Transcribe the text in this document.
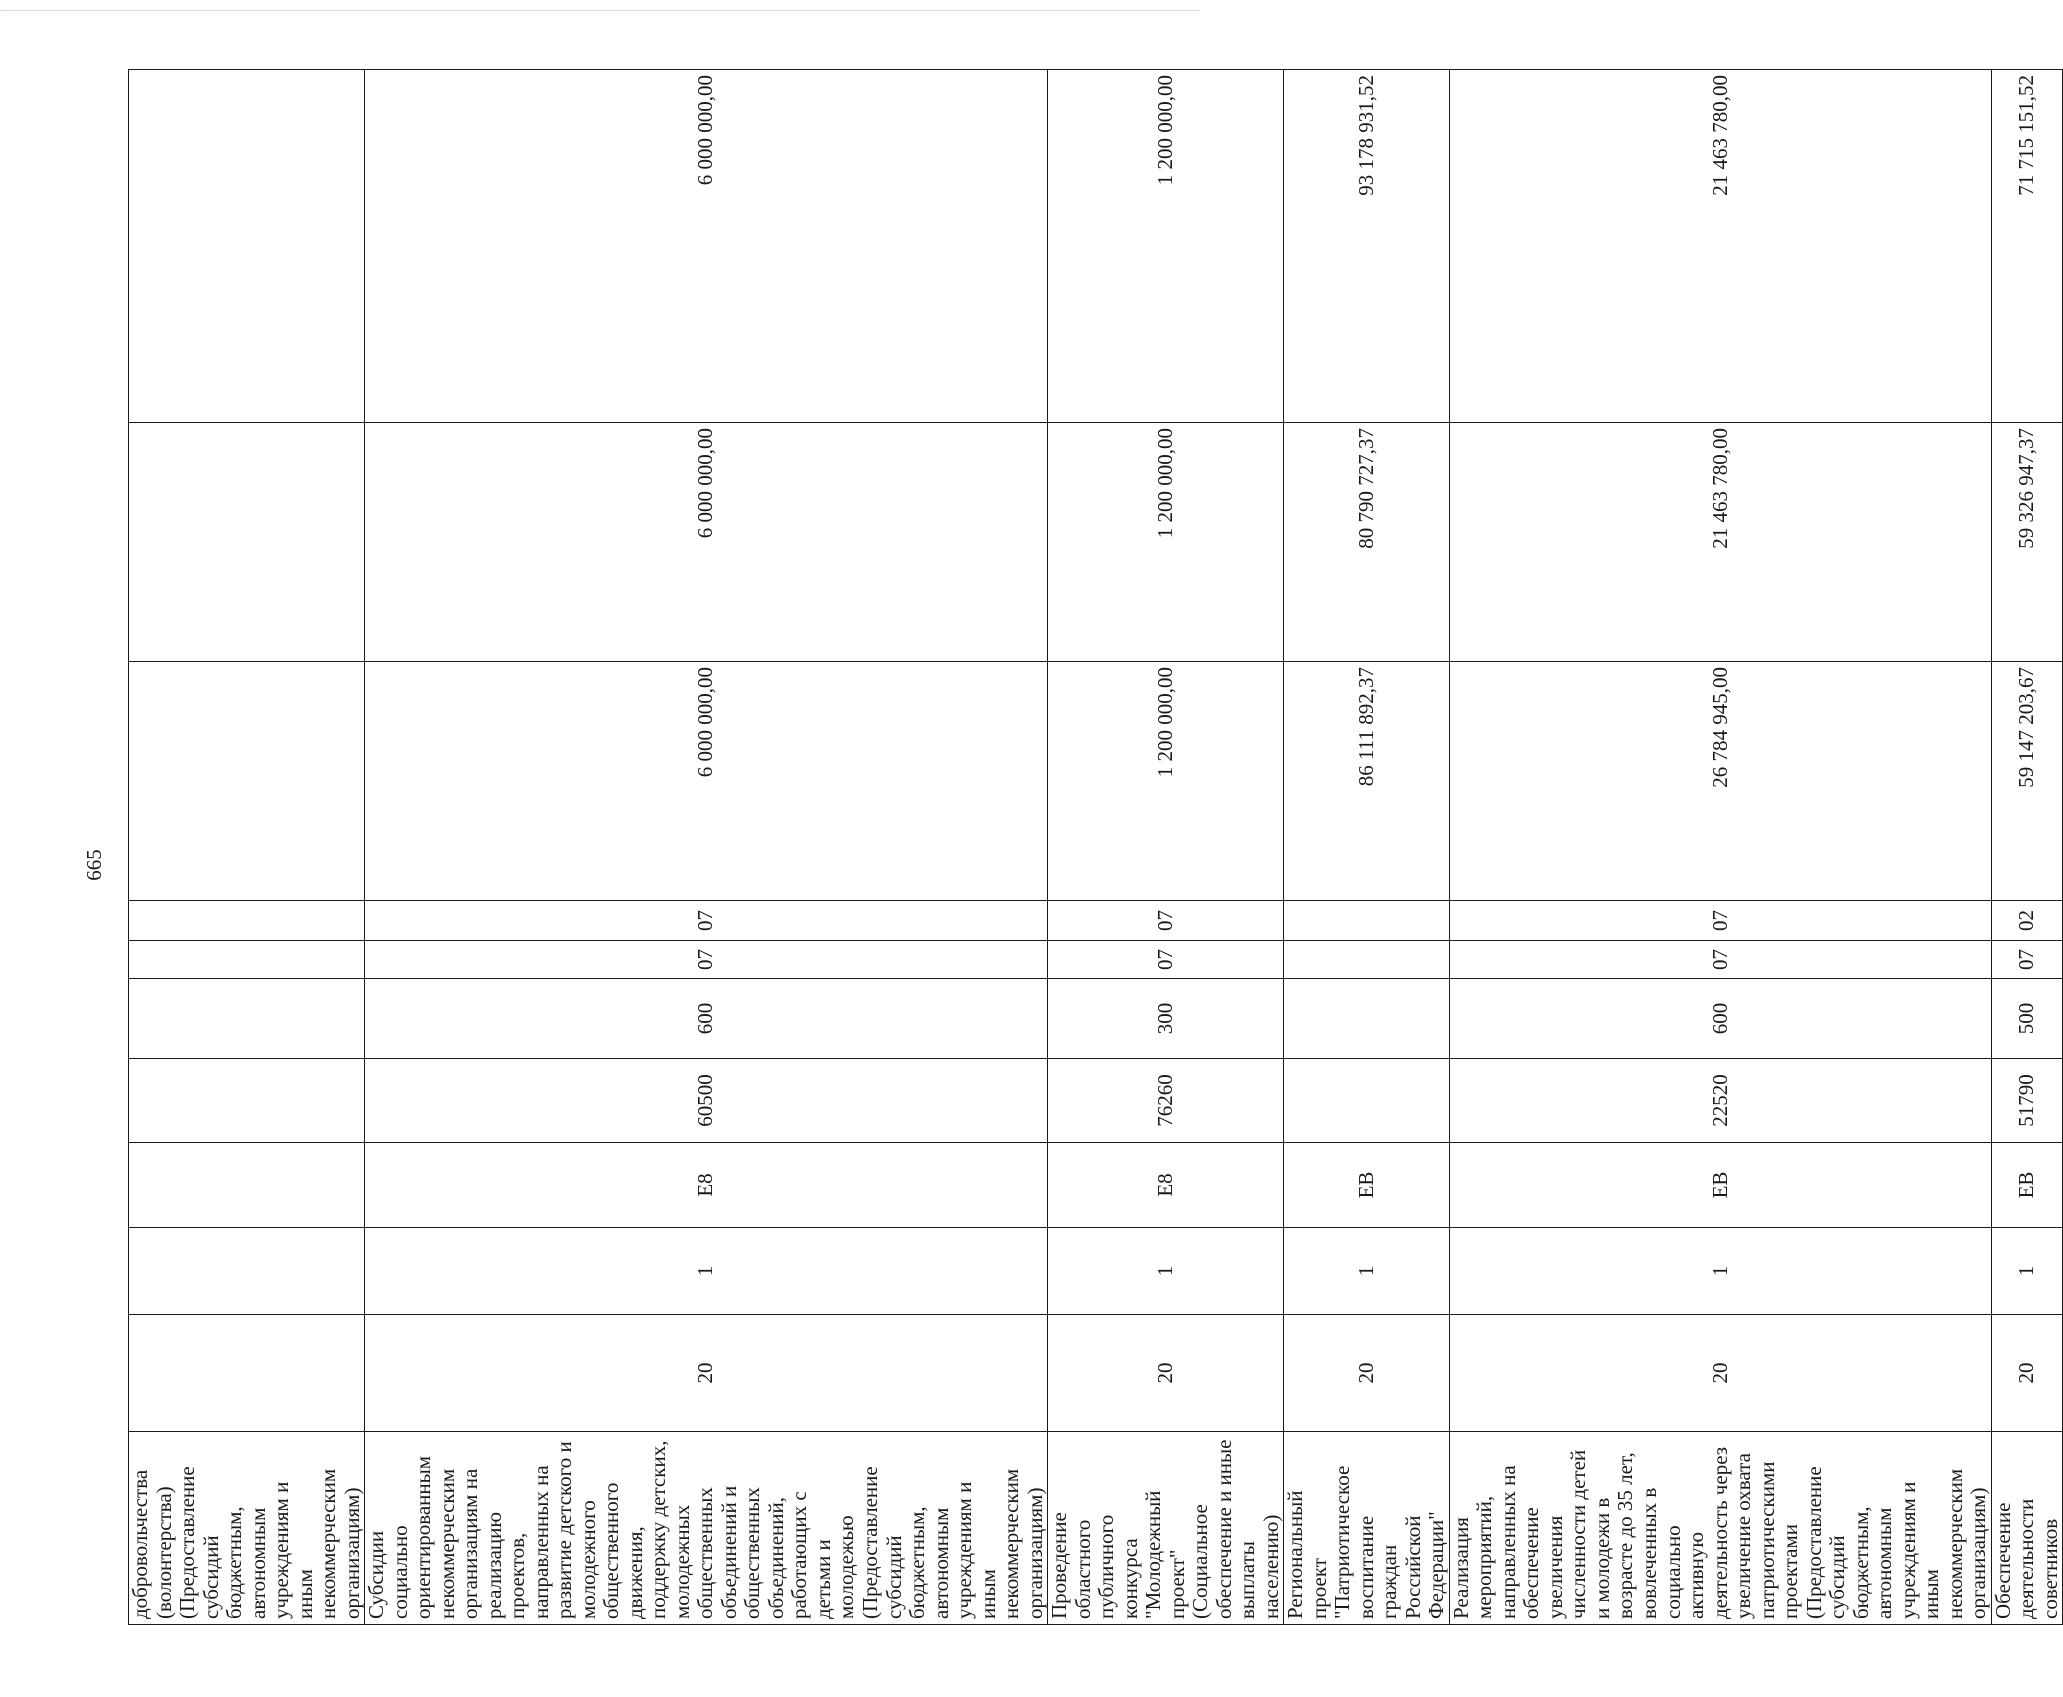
665
добровольчества (волонтерства) (Предоставление субсидий бюджетным, автономным учреждениям и иным некоммерческим организациям)										
Субсидии социально ориентированным некоммерческим организациям на реализацию проектов, направленных на развитие детского и молодежного общественного движения, поддержку детских, молодежных общественных объединений и общественных объединений, работающих с детьми и молодежью (Предоставление субсидий бюджетным, автономным учреждениям и иным некоммерческим организациям)	20	1	Е8	60500	600	07	07	6 000 000,00	6 000 000,00	6 000 000,00
Проведение областного публичного конкурса "Молодежный проект" (Социальное обеспечение и иные выплаты населению)	20	1	Е8	76260	300	07	07	1 200 000,00	1 200 000,00	1 200 000,00
Региональный проект "Патриотическое воспитание граждан Российской Федерации"	20	1	ЕВ					86 111 892,37	80 790 727,37	93 178 931,52
Реализация мероприятий, направленных на обеспечение увеличения численности детей и молодежи в возрасте до 35 лет, вовлеченных в социально активную деятельность через увеличение охвата патриотическими проектами (Предоставление субсидий бюджетным, автономным учреждениям и иным некоммерческим организациям)	20	1	ЕВ	22520	600	07	07	26 784 945,00	21 463 780,00	21 463 780,00
Обеспечение деятельности советников	20	1	ЕВ	51790	500	07	02	59 147 203,67	59 326 947,37	71 715 151,52
